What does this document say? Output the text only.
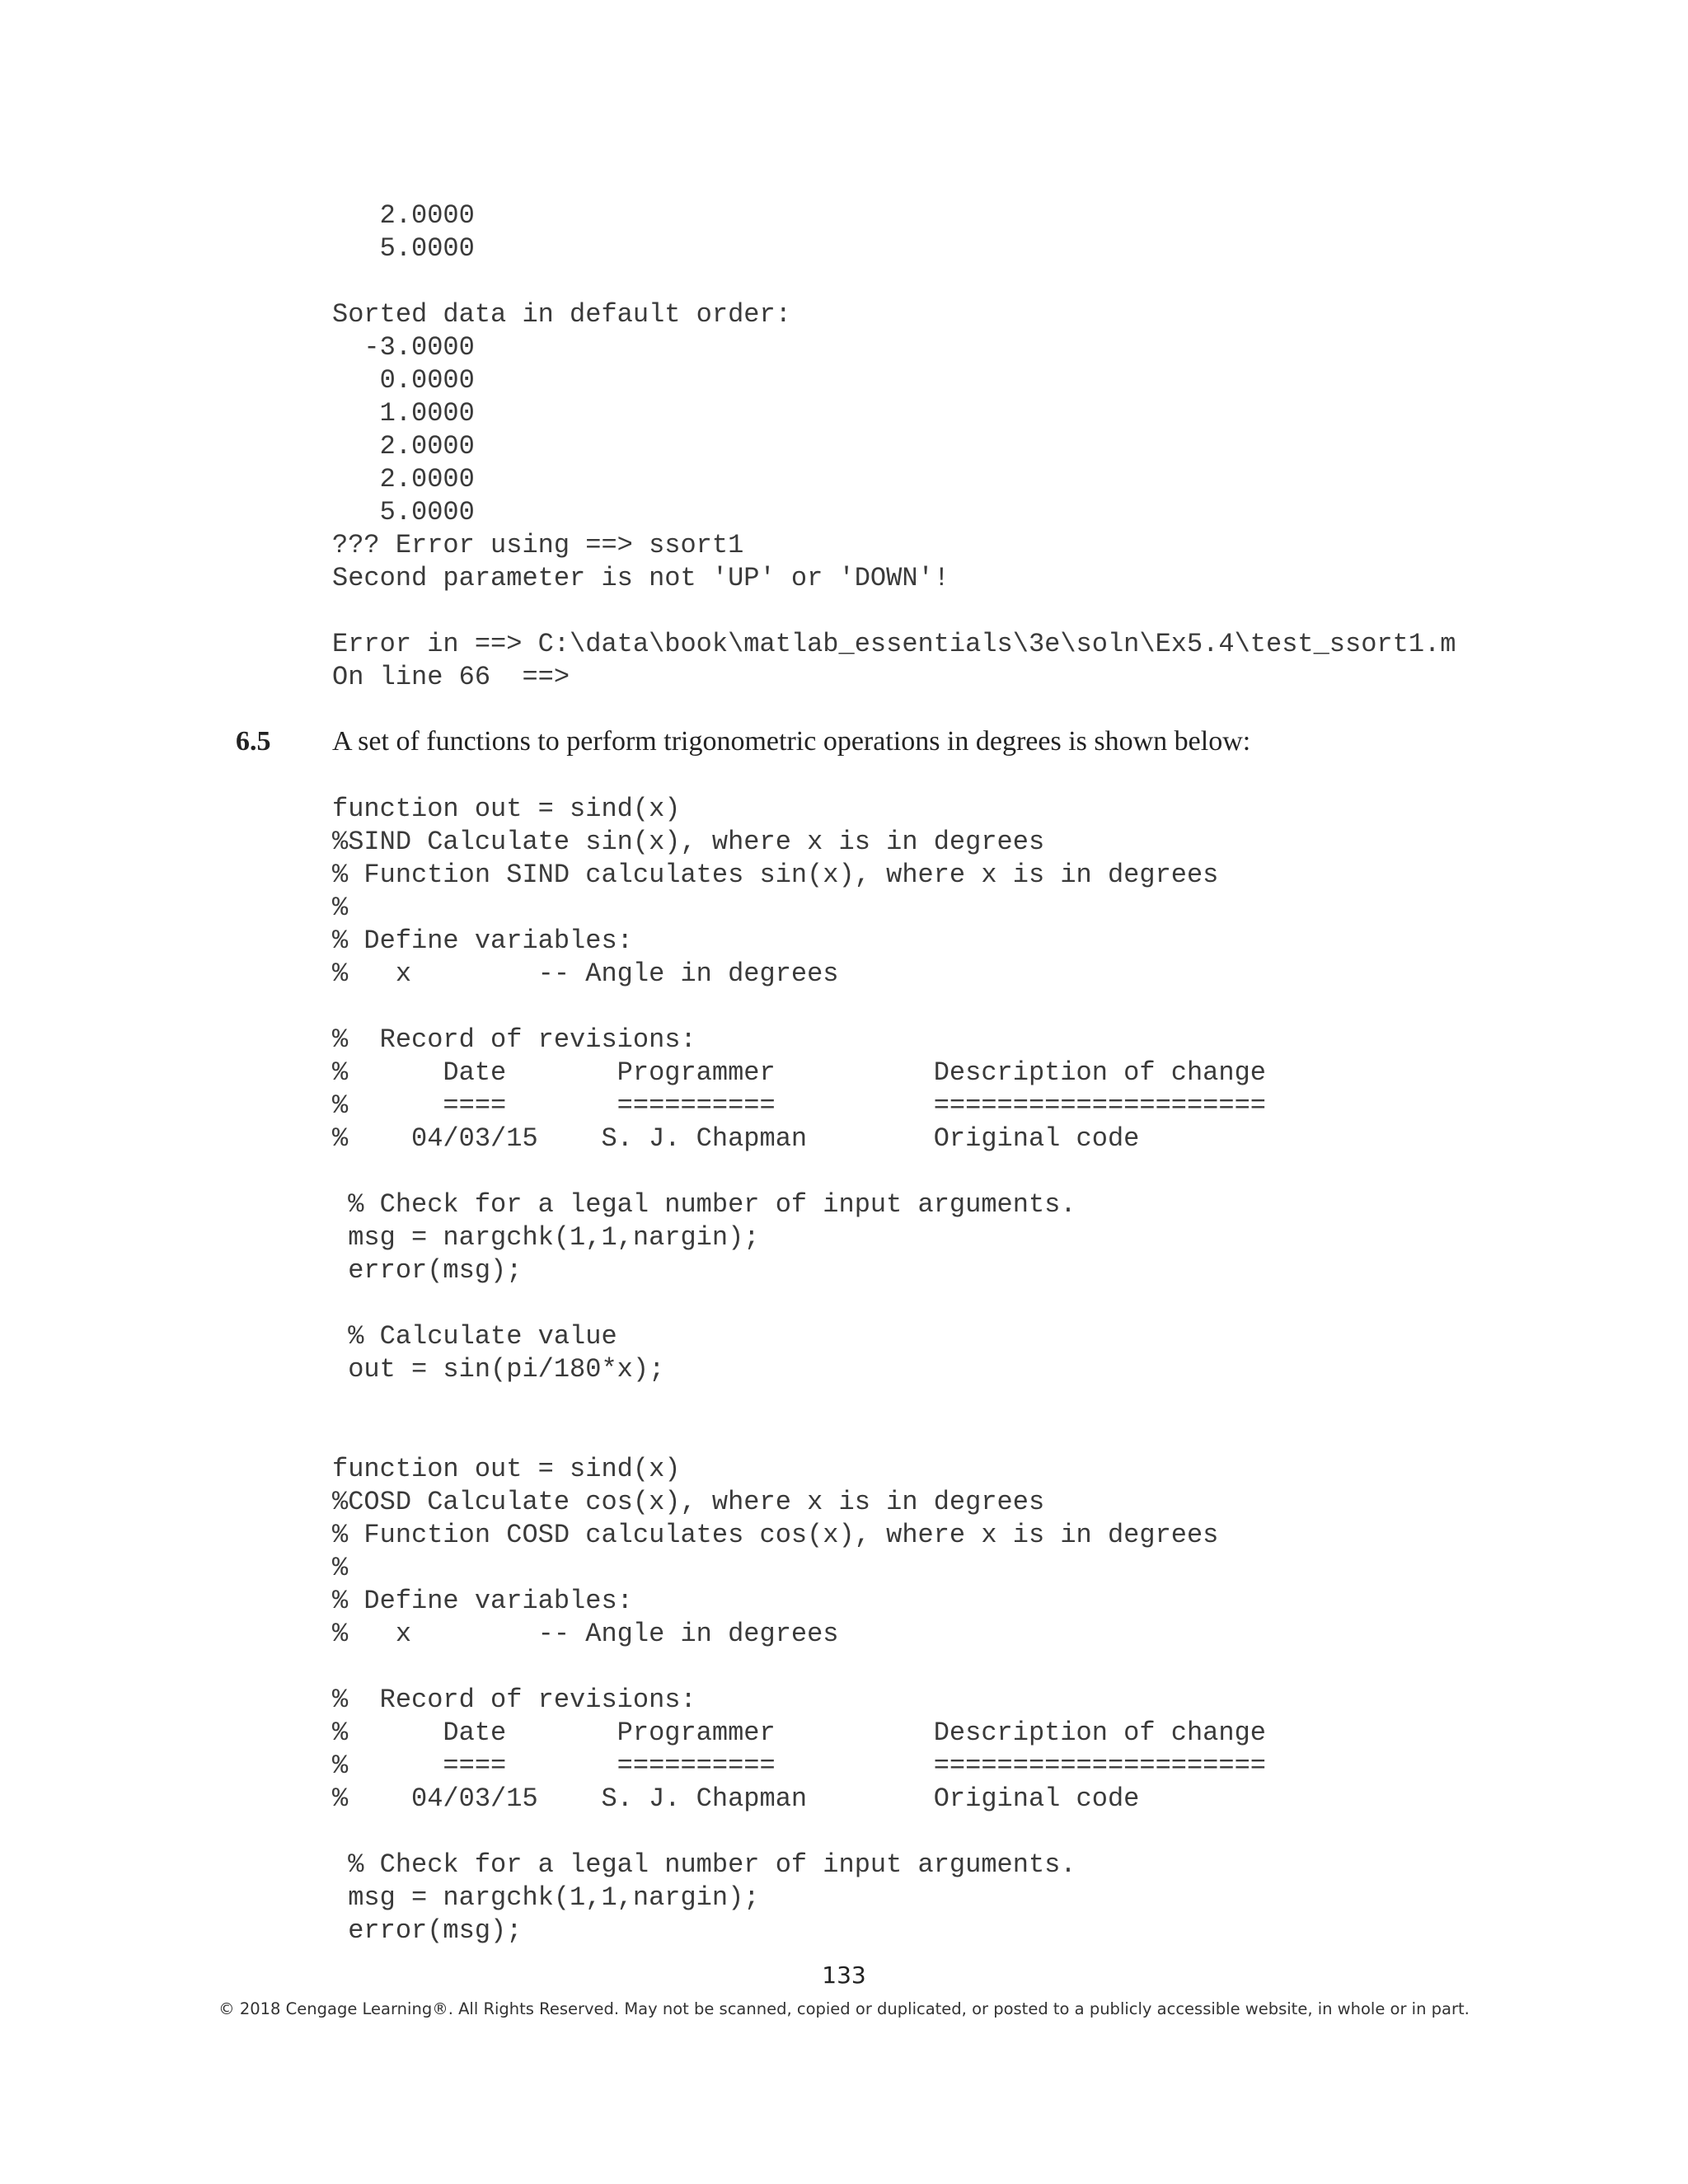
2.0000
5.0000
Sorted data in default order:
-3.0000
0.0000
1.0000
2.0000
2.0000
5.0000
??? Error using ==> ssort1
Second parameter is not 'UP' or 'DOWN'!
Error in ==> C:\data\book\matlab_essentials\3e\soln\Ex5.4\test_ssort1.m
On line 66  ==>
6.5 A set of functions to perform trigonometric operations in degrees is shown below:
function out = sind(x)
%SIND Calculate sin(x), where x is in degrees
% Function SIND calculates sin(x), where x is in degrees
%
% Define variables:
%   x        -- Angle in degrees
%  Record of revisions:
%      Date       Programmer          Description of change
%      ====       ==========          =====================
%    04/03/15    S. J. Chapman        Original code
% Check for a legal number of input arguments.
msg = nargchk(1,1,nargin);
error(msg);
% Calculate value
out = sin(pi/180*x);
function out = sind(x)
%COSD Calculate cos(x), where x is in degrees
% Function COSD calculates cos(x), where x is in degrees
%
% Define variables:
%   x        -- Angle in degrees
%  Record of revisions:
%      Date       Programmer          Description of change
%      ====       ==========          =====================
%    04/03/15    S. J. Chapman        Original code
% Check for a legal number of input arguments.
msg = nargchk(1,1,nargin);
error(msg);
133
© 2018 Cengage Learning®. All Rights Reserved. May not be scanned, copied or duplicated, or posted to a publicly accessible website, in whole or in part.
